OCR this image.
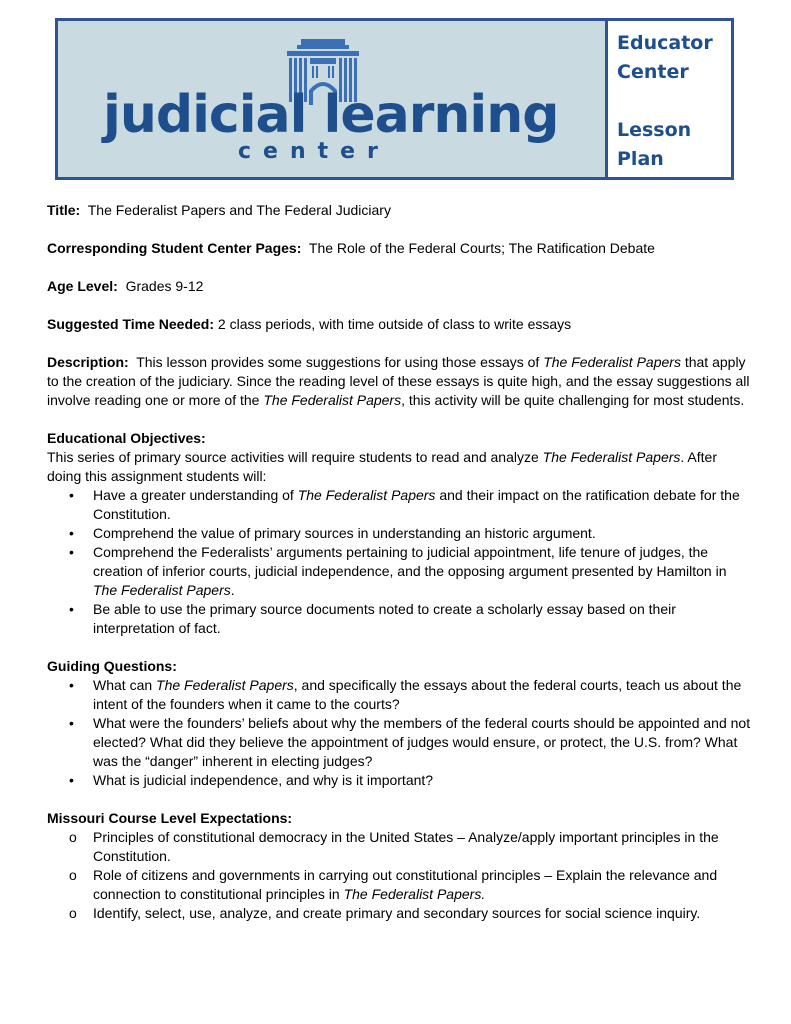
judicial learning
center
Educator
Center
Lesson
Plan

Title: The Federalist Papers and The Federal Judiciary

Corresponding Student Center Pages: The Role of the Federal Courts; The Ratification Debate

Age Level: Grades 9-12

Suggested Time Needed: 2 class periods, with time outside of class to write essays

Description: This lesson provides some suggestions for using those essays of The Federalist Papers that apply to the creation of the judiciary. Since the reading level of these essays is quite high, and the essay suggestions all involve reading one or more of the The Federalist Papers, this activity will be quite challenging for most students.

Educational Objectives:
This series of primary source activities will require students to read and analyze The Federalist Papers. After doing this assignment students will:
• Have a greater understanding of The Federalist Papers and their impact on the ratification debate for the Constitution.
• Comprehend the value of primary sources in understanding an historic argument.
• Comprehend the Federalists’ arguments pertaining to judicial appointment, life tenure of judges, the creation of inferior courts, judicial independence, and the opposing argument presented by Hamilton in The Federalist Papers.
• Be able to use the primary source documents noted to create a scholarly essay based on their interpretation of fact.
Guiding Questions:
• What can The Federalist Papers, and specifically the essays about the federal courts, teach us about the intent of the founders when it came to the courts?
• What were the founders’ beliefs about why the members of the federal courts should be appointed and not elected? What did they believe the appointment of judges would ensure, or protect, the U.S. from? What was the “danger” inherent in electing judges?
• What is judicial independence, and why is it important?
Missouri Course Level Expectations:
o Principles of constitutional democracy in the United States – Analyze/apply important principles in the Constitution.
o Role of citizens and governments in carrying out constitutional principles – Explain the relevance and connection to constitutional principles in The Federalist Papers.
o Identify, select, use, analyze, and create primary and secondary sources for social science inquiry.
